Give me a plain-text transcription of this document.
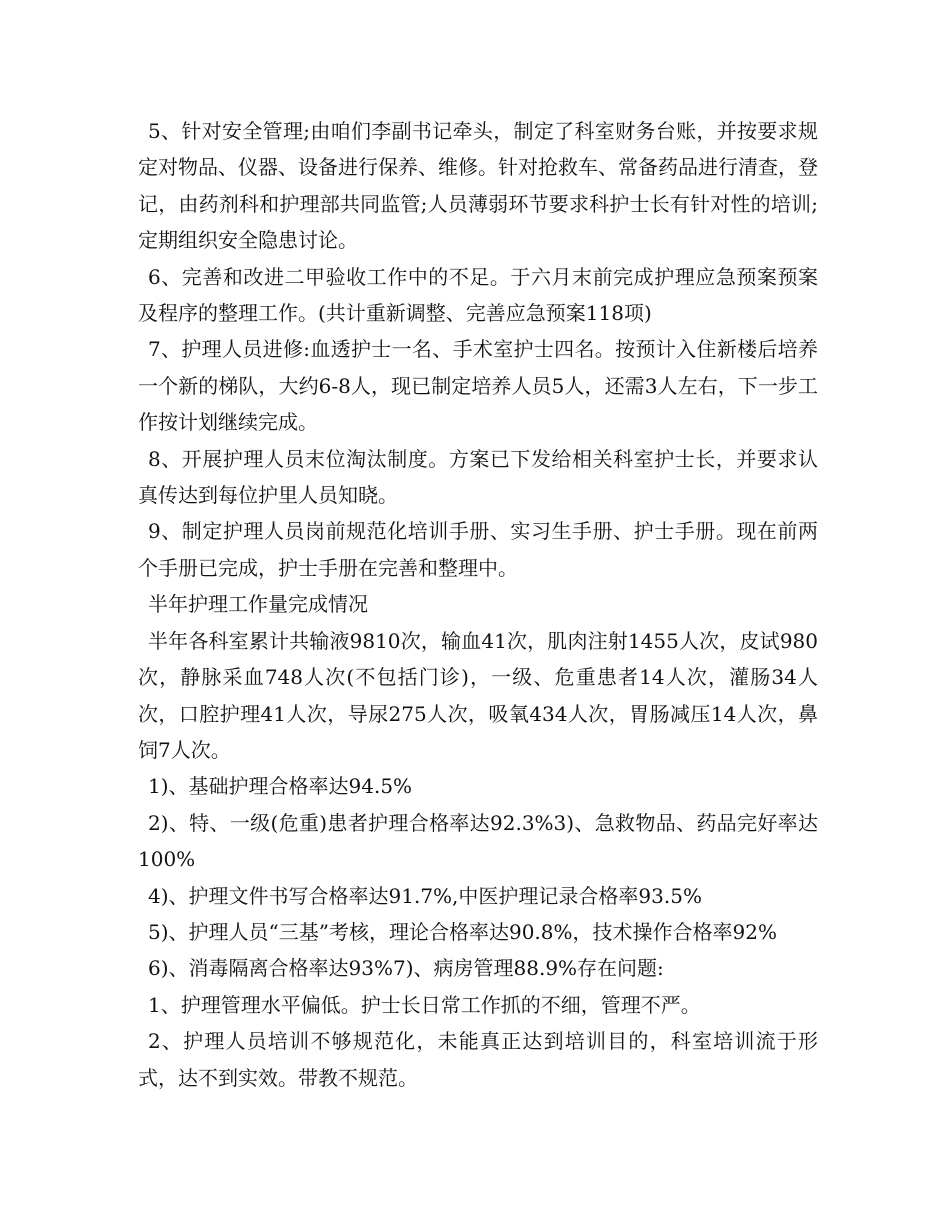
5、针对安全管理;由咱们李副书记牵头，制定了科室财务台账，并按要求规定对物品、仪器、设备进行保养、维修。针对抢救车、常备药品进行清查，登记，由药剂科和护理部共同监管;人员薄弱环节要求科护士长有针对性的培训;定期组织安全隐患讨论。

6、完善和改进二甲验收工作中的不足。于六月末前完成护理应急预案预案及程序的整理工作。(共计重新调整、完善应急预案118项)

7、护理人员进修:血透护士一名、手术室护士四名。按预计入住新楼后培养一个新的梯队，大约6-8人，现已制定培养人员5人，还需3人左右，下一步工作按计划继续完成。

8、开展护理人员末位淘汰制度。方案已下发给相关科室护士长，并要求认真传达到每位护里人员知晓。

9、制定护理人员岗前规范化培训手册、实习生手册、护士手册。现在前两个手册已完成，护士手册在完善和整理中。

半年护理工作量完成情况

半年各科室累计共输液9810次，输血41次，肌肉注射1455人次，皮试980次，静脉采血748人次(不包括门诊)，一级、危重患者14人次，灌肠34人次，口腔护理41人次，导尿275人次，吸氧434人次，胃肠减压14人次，鼻饲7人次。

1)、基础护理合格率达94.5%

2)、特、一级(危重)患者护理合格率达92.3%3)、急救物品、药品完好率达100%

4)、护理文件书写合格率达91.7%,中医护理记录合格率93.5%

5)、护理人员“三基”考核，理论合格率达90.8%，技术操作合格率92%

6)、消毒隔离合格率达93%7)、病房管理88.9%存在问题:

1、护理管理水平偏低。护士长日常工作抓的不细，管理不严。

2、护理人员培训不够规范化，未能真正达到培训目的，科室培训流于形式，达不到实效。带教不规范。
